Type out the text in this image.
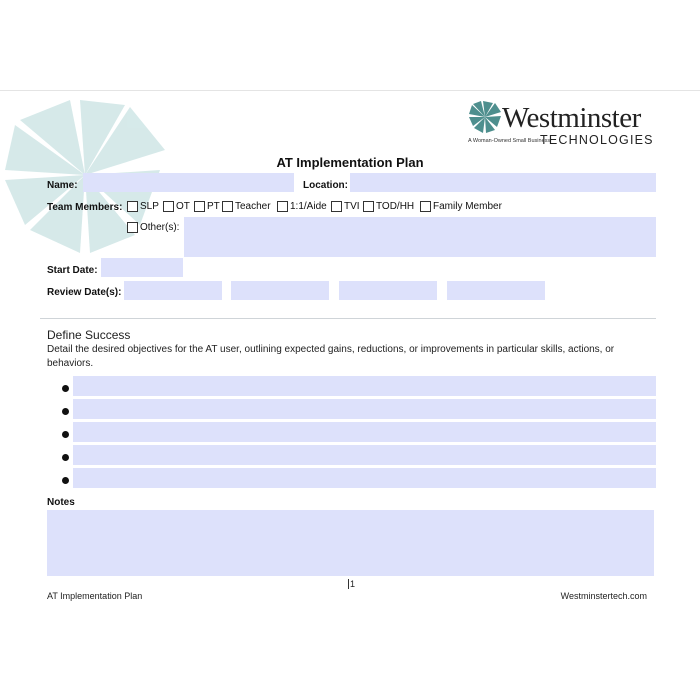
Westminster
TECHNOLOGIES
A Woman-Owned Small Business
AT Implementation Plan
Name:	Location:
Team Members: SLP OT PT Teacher 1:1/Aide TVI TOD/HH Family Member
Other(s):
Start Date:
Review Date(s):
Define Success
Detail the desired objectives for the AT user, outlining expected gains, reductions, or improvements in particular skills, actions, or behaviors.
Notes
1
AT Implementation Plan	Westminstertech.com
